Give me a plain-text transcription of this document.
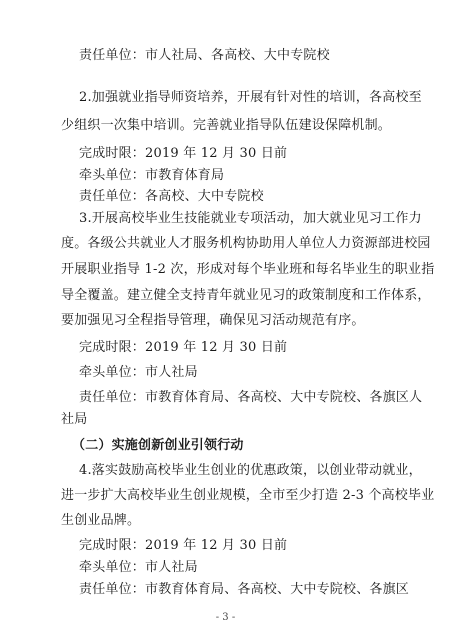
责任单位：市人社局、各高校、大中专院校
2.加强就业指导师资培养，开展有针对性的培训，各高校至
少组织一次集中培训。完善就业指导队伍建设保障机制。
完成时限：2019 年 12 月 30 日前
牵头单位：市教育体育局
责任单位：各高校、大中专院校
3.开展高校毕业生技能就业专项活动，加大就业见习工作力
度。各级公共就业人才服务机构协助用人单位人力资源部进校园
开展职业指导 1-2 次，形成对每个毕业班和每名毕业生的职业指
导全覆盖。建立健全支持青年就业见习的政策制度和工作体系，
要加强见习全程指导管理，确保见习活动规范有序。
完成时限：2019 年 12 月 30 日前
牵头单位：市人社局
责任单位：市教育体育局、各高校、大中专院校、各旗区人
社局
（二）实施创新创业引领行动
4.落实鼓励高校毕业生创业的优惠政策，以创业带动就业，
进一步扩大高校毕业生创业规模，全市至少打造 2-3 个高校毕业
生创业品牌。
完成时限：2019 年 12 月 30 日前
牵头单位：市人社局
责任单位：市教育体育局、各高校、大中专院校、各旗区
- 3 -
